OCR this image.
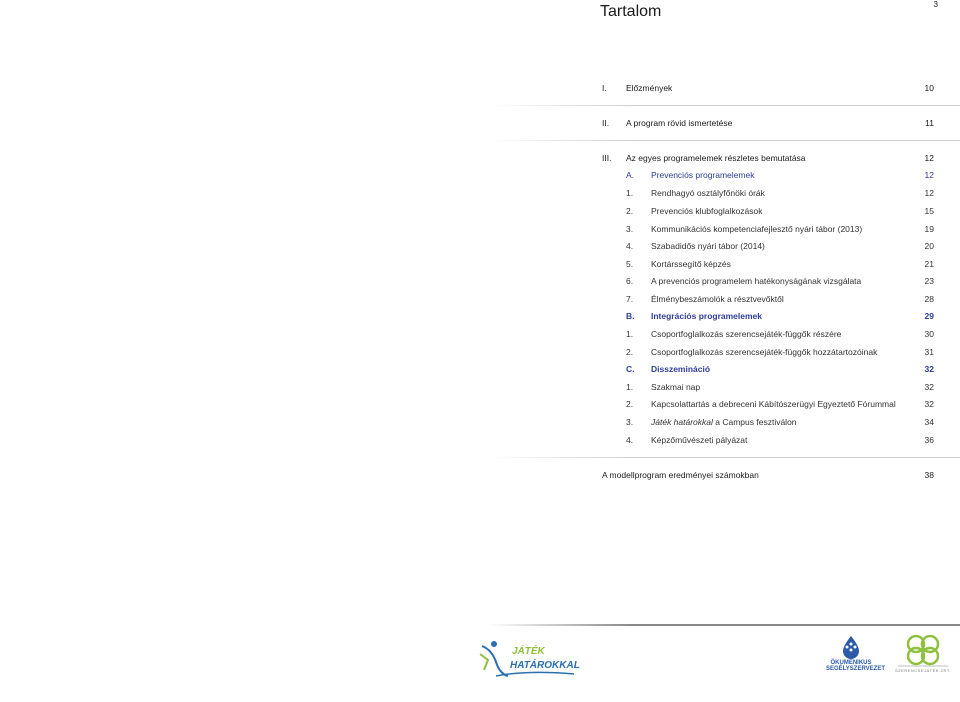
3
Tartalom
I. Előzmények	10
II. A program rövid ismertetése	11
III. Az egyes programelemek részletes bemutatása	12
A. Prevenciós programelemek	12
1. Rendhagyó osztályfőnöki órák	12
2. Prevenciós klubfoglalkozások	15
3. Kommunikációs kompetenciafejlesztő nyári tábor (2013)	19
4. Szabadidős nyári tábor (2014)	20
5. Kortárssegítő képzés	21
6. A prevenciós programelem hatékonyságának vizsgálata	23
7. Élménybeszámolók a résztvevőktől	28
B. Integrációs programelemek	29
1. Csoportfoglalkozás szerencsejáték-függők részére	30
2. Csoportfoglalkozás szerencsejáték-függők hozzátartozóinak	31
C. Disszemináció	32
1. Szakmai nap	32
2. Kapcsolattartás a debreceni Kábítószerügyi Egyeztető Fórummal	32
3. Játék határokkal a Campus fesztiválon	34
4. Képzőművészeti pályázat	36
A modellprogram eredményei számokban	38
JÁTÉK
HATÁROKKAL	ÖKUMENIKUS
SEGÉLYSZERVEZET	SZERENCSEJÁTÉK ZRT.
